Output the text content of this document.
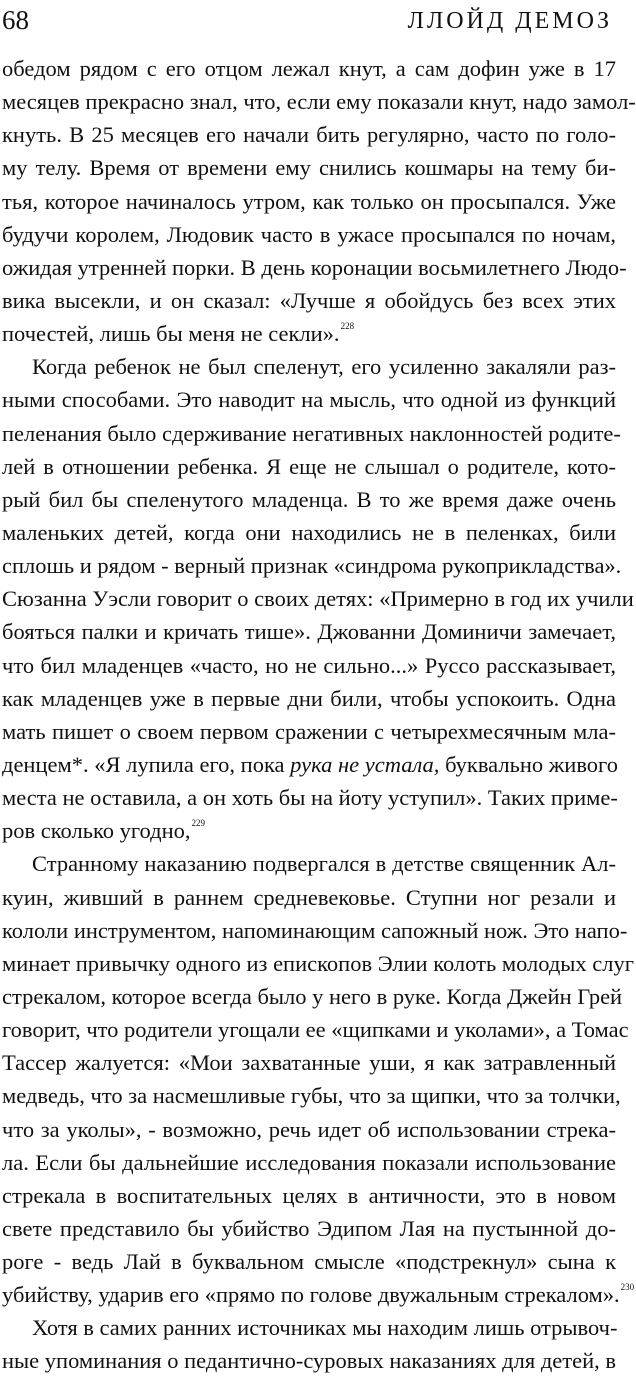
68	ЛЛОЙД ДЕМОЗ
обедом рядом с его отцом лежал кнут, а сам дофин уже в 17
месяцев прекрасно знал, что, если ему показали кнут, надо замол-
кнуть. В 25 месяцев его начали бить регулярно, часто по голо-
му телу. Время от времени ему снились кошмары на тему би-
тья, которое начиналось утром, как только он просыпался. Уже
будучи королем, Людовик часто в ужасе просыпался по ночам,
ожидая утренней порки. В день коронации восьмилетнего Людо-
вика высекли, и он сказал: «Лучше я обойдусь без всех этих
почестей, лишь бы меня не секли».$^{228}$
Когда ребенок не был спеленут, его усиленно закаляли раз-
ными способами. Это наводит на мысль, что одной из функций
пеленания было сдерживание негативных наклонностей родите-
лей в отношении ребенка. Я еще не слышал о родителе, кото-
рый бил бы спеленутого младенца. В то же время даже очень
маленьких детей, когда они находились не в пеленках, били
сплошь и рядом - верный признак «синдрома рукоприкладства».
Сюзанна Уэсли говорит о своих детях: «Примерно в год их учили
бояться палки и кричать тише». Джованни Доминичи замечает,
что бил младенцев «часто, но не сильно...» Руссо рассказывает,
как младенцев уже в первые дни били, чтобы успокоить. Одна
мать пишет о своем первом сражении с четырехмесячным мла-
денцем*. «Я лупила его, пока рука не устала, буквально живого
места не оставила, а он хоть бы на йоту уступил». Таких приме-
ров сколько угодно,$^{229}$
Странному наказанию подвергался в детстве священник Ал-
куин, живший в раннем средневековье. Ступни ног резали и
кололи инструментом, напоминающим сапожный нож. Это напо-
минает привычку одного из епископов Элии колоть молодых слуг
стрекалом, которое всегда было у него в руке. Когда Джейн Грей
говорит, что родители угощали ее «щипками и уколами», а Томас
Тассер жалуется: «Мои захватанные уши, я как затравленный
медведь, что за насмешливые губы, что за щипки, что за толчки,
что за уколы», - возможно, речь идет об использовании стрека-
ла. Если бы дальнейшие исследования показали использование
стрекала в воспитательных целях в античности, это в новом
свете представило бы убийство Эдипом Лая на пустынной до-
роге - ведь Лай в буквальном смысле «подстрекнул» сына к
убийству, ударив его «прямо по голове двужальным стрекалом».$^{230}$
Хотя в самих ранних источниках мы находим лишь отрывоч-
ные упоминания о педантично-суровых наказаниях для детей, в
